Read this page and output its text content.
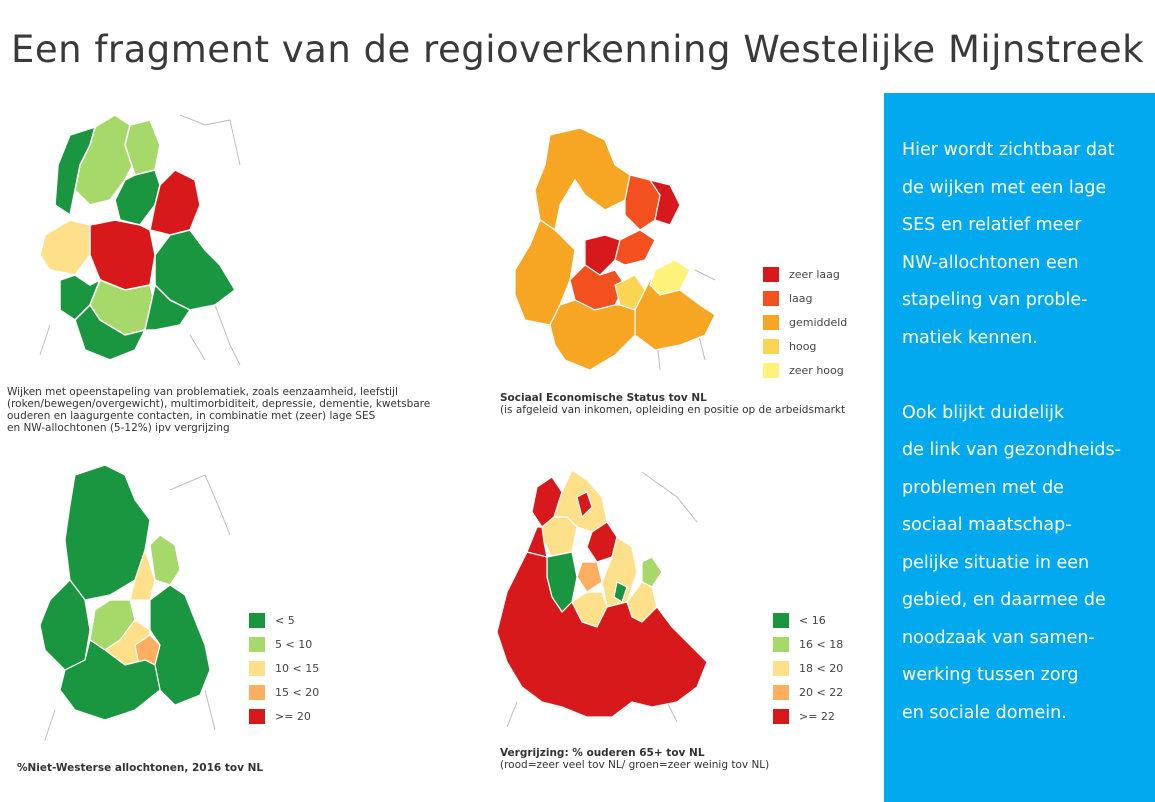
Een fragment van de regioverkenning Westelijke Mijnstreek
Wijken met opeenstapeling van problematiek, zoals eenzaamheid, leefstijl
(roken/bewegen/overgewicht), multimorbiditeit, depressie, dementie, kwetsbare
ouderen en laagurgente contacten, in combinatie met (zeer) lage SES
en NW-allochtonen (5-12%) ipv vergrijzing
zeer laag
laag
gemiddeld
hoog
zeer hoog
Sociaal Economische Status tov NL
(is afgeleid van inkomen, opleiding en positie op de arbeidsmarkt
< 5
5 < 10
10 < 15
15 < 20
>= 20
%Niet-Westerse allochtonen, 2016 tov NL
< 16
16 < 18
18 < 20
20 < 22
>= 22
Vergrijzing: % ouderen 65+ tov NL
(rood=zeer veel tov NL/ groen=zeer weinig tov NL)
Hier wordt zichtbaar dat
de wijken met een lage
SES en relatief meer
NW-allochtonen een
stapeling van proble-
matiek kennen.
Ook blijkt duidelijk
de link van gezondheids-
problemen met de
sociaal maatschap-
pelijke situatie in een
gebied, en daarmee de
noodzaak van samen-
werking tussen zorg
en sociale domein.
